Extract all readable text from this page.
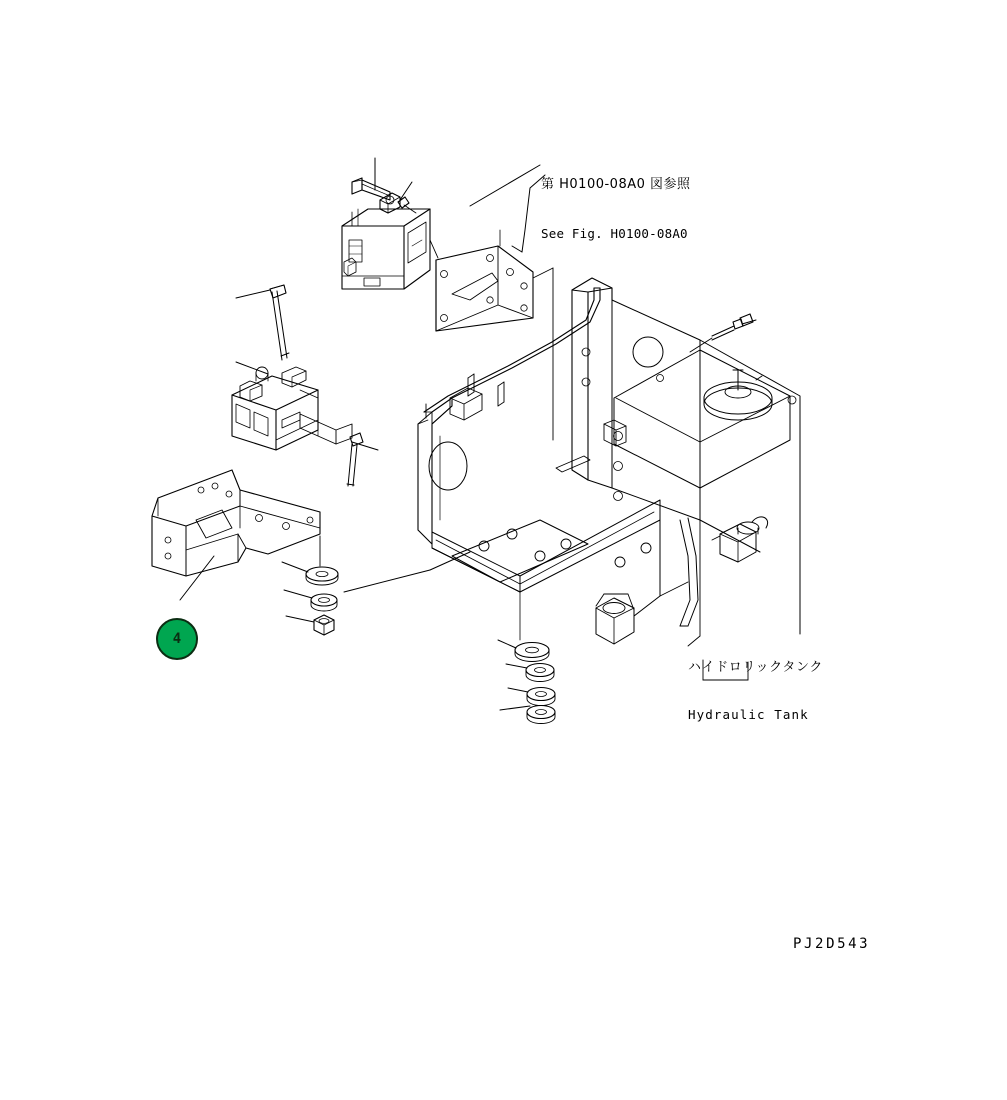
第 H0100-08A0 図参照

See Fig. H0100-08A0

ハイドロリックタンク

Hydraulic Tank

PJ2D543
4
